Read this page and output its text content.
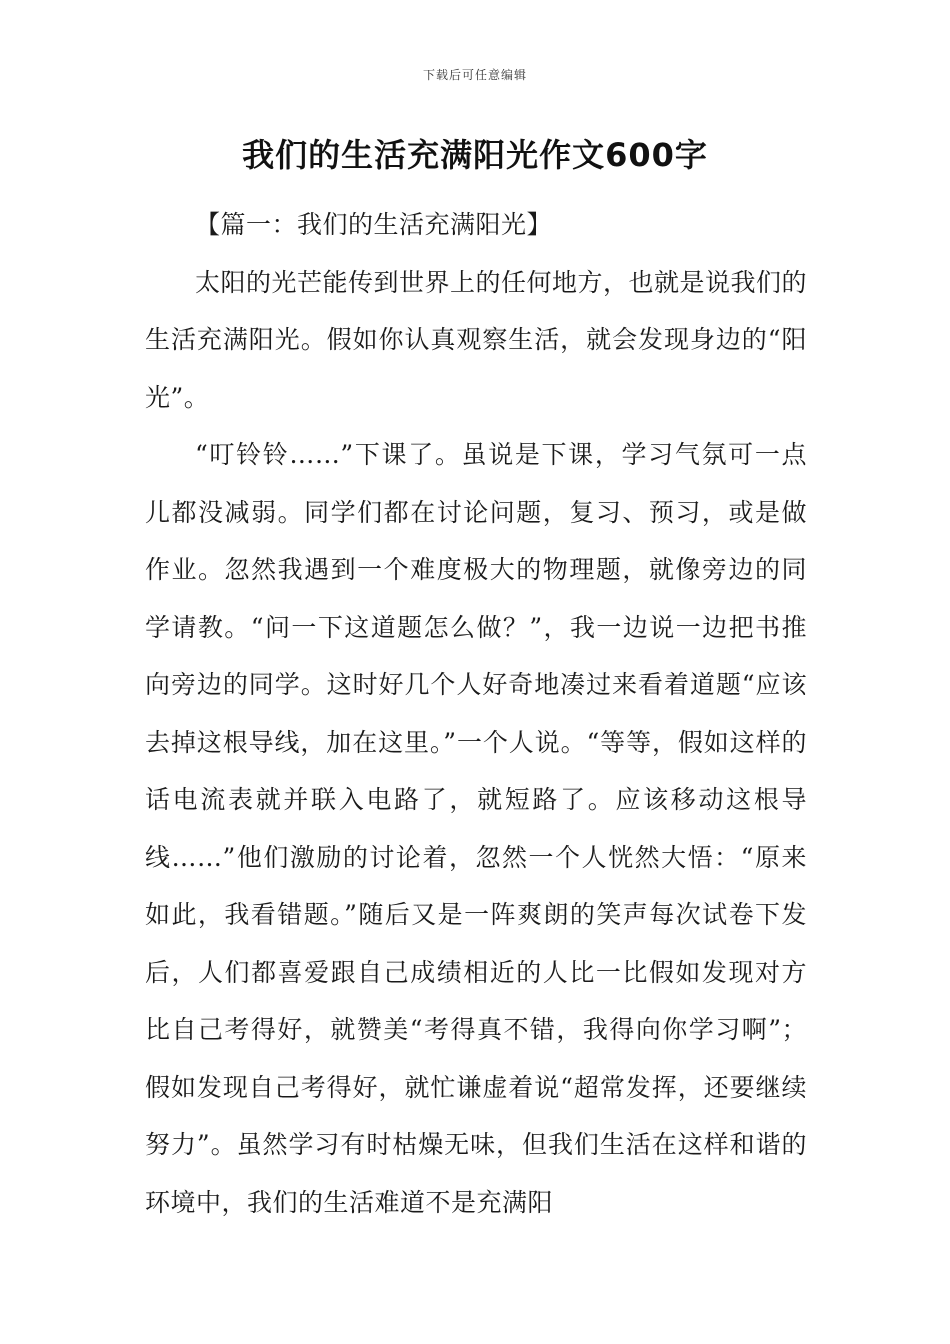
下载后可任意编辑
我们的生活充满阳光作文600字

【篇一：我们的生活充满阳光】

太阳的光芒能传到世界上的任何地方，也就是说我们的生活充满阳光。假如你认真观察生活，就会发现身边的“阳光”。

“叮铃铃……”下课了。虽说是下课，学习气氛可一点儿都没减弱。同学们都在讨论问题，复习、预习，或是做作业。忽然我遇到一个难度极大的物理题，就像旁边的同学请教。“问一下这道题怎么做？”，我一边说一边把书推向旁边的同学。这时好几个人好奇地凑过来看着道题“应该去掉这根导线，加在这里。”一个人说。“等等，假如这样的话电流表就并联入电路了，就短路了。应该移动这根导线……”他们激励的讨论着，忽然一个人恍然大悟：“原来如此，我看错题。”随后又是一阵爽朗的笑声每次试卷下发后，人们都喜爱跟自己成绩相近的人比一比假如发现对方比自己考得好，就赞美“考得真不错，我得向你学习啊”；假如发现自己考得好，就忙谦虚着说“超常发挥，还要继续努力”。虽然学习有时枯燥无味，但我们生活在这样和谐的环境中，我们的生活难道不是充满阳
